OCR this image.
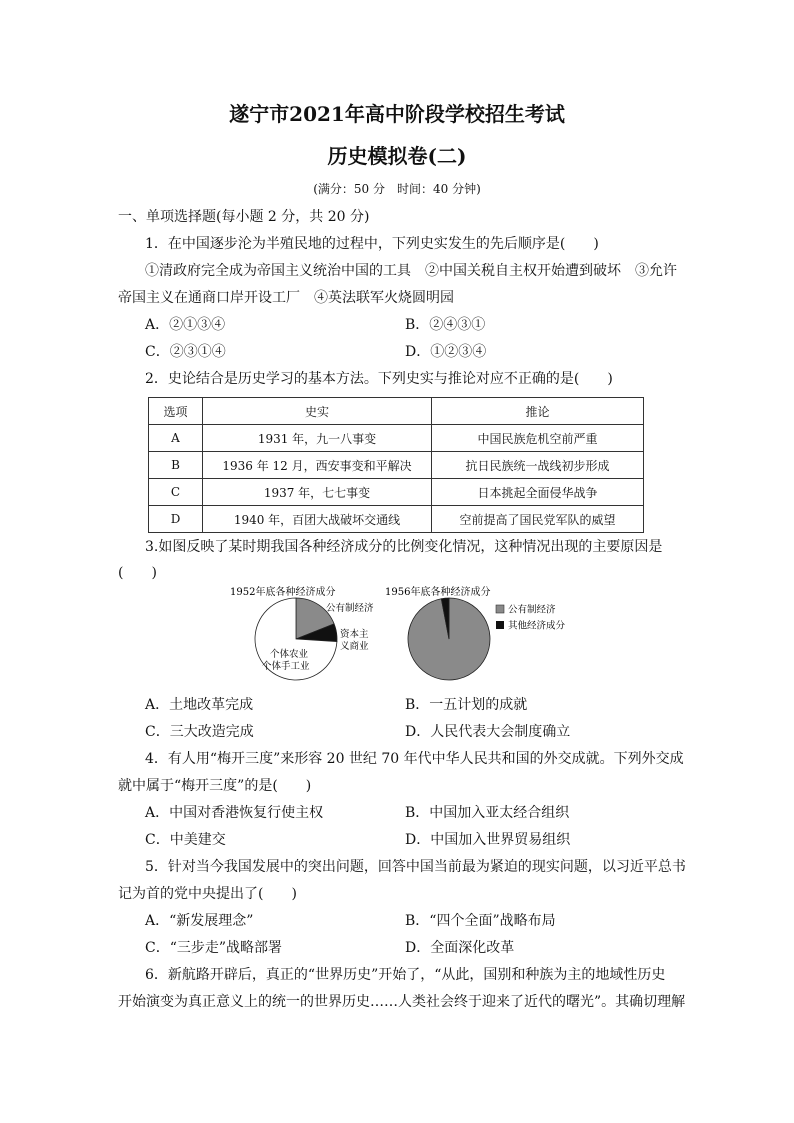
遂宁市2021年高中阶段学校招生考试
历史模拟卷(二)
(满分：50 分　时间：40 分钟)
一、单项选择题(每小题 2 分，共 20 分)
1．在中国逐步沦为半殖民地的过程中，下列史实发生的先后顺序是(　　)
①清政府完全成为帝国主义统治中国的工具　②中国关税自主权开始遭到破坏　③允许
帝国主义在通商口岸开设工厂　④英法联军火烧圆明园
A．②①③④	B．②④③①
C．②③①④	D．①②③④
2．史论结合是历史学习的基本方法。下列史实与推论对应不正确的是(　　)
选项	史实	推论
A	1931 年，九一八事变	中国民族危机空前严重
B	1936 年 12 月，西安事变和平解决	抗日民族统一战线初步形成
C	1937 年，七七事变	日本挑起全面侵华战争
D	1940 年，百团大战破坏交通线	空前提高了国民党军队的威望
3.如图反映了某时期我国各种经济成分的比例变化情况，这种情况出现的主要原因是
(　　)
1952年底各种经济成分	1956年底各种经济成分
公有制经济
资本主
义商业
个体农业
个体手工业
公有制经济
其他经济成分
A．土地改革完成	B．一五计划的成就
C．三大改造完成	D．人民代表大会制度确立
4．有人用“梅开三度”来形容 20 世纪 70 年代中华人民共和国的外交成就。下列外交成
就中属于“梅开三度”的是(　　)
A．中国对香港恢复行使主权	B．中国加入亚太经合组织
C．中美建交	D．中国加入世界贸易组织
5．针对当今我国发展中的突出问题，回答中国当前最为紧迫的现实问题，以习近平总书
记为首的党中央提出了(　　)
A．“新发展理念”	B．“四个全面”战略布局
C．“三步走”战略部署	D．全面深化改革
6．新航路开辟后，真正的“世界历史”开始了，“从此，国别和种族为主的地域性历史
开始演变为真正意义上的统一的世界历史……人类社会终于迎来了近代的曙光”。其确切理解
